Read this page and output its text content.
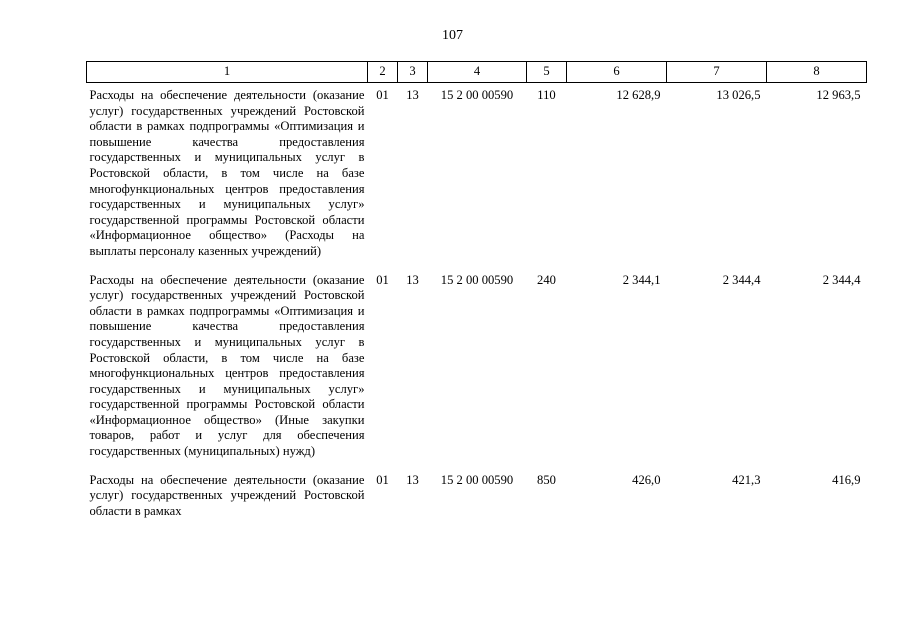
107
1	2	3	4	5	6	7	8
Расходы на обеспечение деятельности (оказание услуг) государственных учреждений Ростовской области в рамках подпрограммы «Оптимизация и повышение качества предоставления государственных и муниципальных услуг в Ростовской области, в том числе на базе многофункциональных центров предоставления государственных и муниципальных услуг» государственной программы Ростовской области «Информационное общество» (Расходы на выплаты персоналу казенных учреждений)	01	13	15 2 00 00590	110	12 628,9	13 026,5	12 963,5
Расходы на обеспечение деятельности (оказание услуг) государственных учреждений Ростовской области в рамках подпрограммы «Оптимизация и повышение качества предоставления государственных и муниципальных услуг в Ростовской области, в том числе на базе многофункциональных центров предоставления государственных и муниципальных услуг» государственной программы Ростовской области «Информационное общество» (Иные закупки товаров, работ и услуг для обеспечения государственных (муниципальных) нужд)	01	13	15 2 00 00590	240	2 344,1	2 344,4	2 344,4
Расходы на обеспечение деятельности (оказание услуг) государственных учреждений Ростовской области в рамках	01	13	15 2 00 00590	850	426,0	421,3	416,9
